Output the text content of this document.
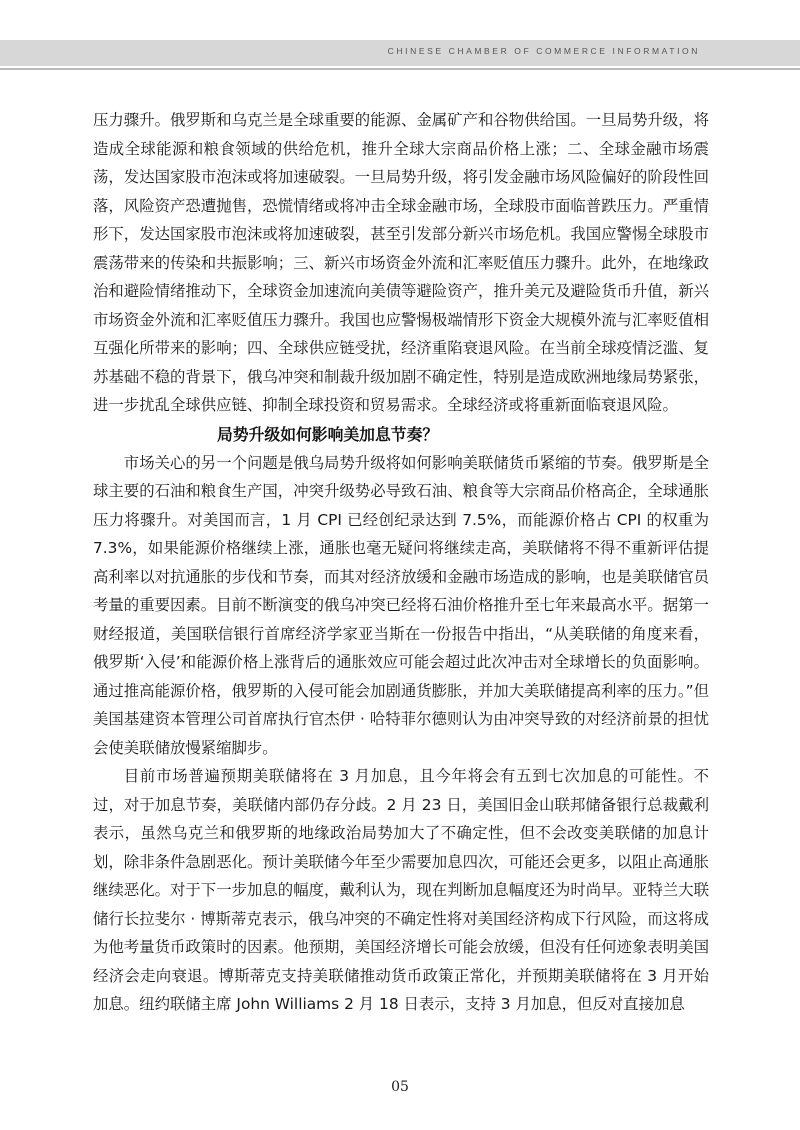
CHINESE CHAMBER OF COMMERCE INFORMATION

压力骤升。俄罗斯和乌克兰是全球重要的能源、金属矿产和谷物供给国。一旦局势升级，将造成全球能源和粮食领域的供给危机，推升全球大宗商品价格上涨；二、全球金融市场震荡，发达国家股市泡沫或将加速破裂。一旦局势升级，将引发金融市场风险偏好的阶段性回落，风险资产恐遭抛售，恐慌情绪或将冲击全球金融市场，全球股市面临普跌压力。严重情形下，发达国家股市泡沫或将加速破裂，甚至引发部分新兴市场危机。我国应警惕全球股市震荡带来的传染和共振影响；三、新兴市场资金外流和汇率贬值压力骤升。此外，在地缘政治和避险情绪推动下，全球资金加速流向美债等避险资产，推升美元及避险货币升值，新兴市场资金外流和汇率贬值压力骤升。我国也应警惕极端情形下资金大规模外流与汇率贬值相互强化所带来的影响；四、全球供应链受扰，经济重陷衰退风险。在当前全球疫情泛滥、复苏基础不稳的背景下，俄乌冲突和制裁升级加剧不确定性，特别是造成欧洲地缘局势紧张，进一步扰乱全球供应链、抑制全球投资和贸易需求。全球经济或将重新面临衰退风险。

局势升级如何影响美加息节奏？

市场关心的另一个问题是俄乌局势升级将如何影响美联储货币紧缩的节奏。俄罗斯是全球主要的石油和粮食生产国，冲突升级势必导致石油、粮食等大宗商品价格高企，全球通胀压力将骤升。对美国而言，1 月 CPI 已经创纪录达到 7.5%，而能源价格占 CPI 的权重为 7.3%，如果能源价格继续上涨，通胀也毫无疑问将继续走高，美联储将不得不重新评估提高利率以对抗通胀的步伐和节奏，而其对经济放缓和金融市场造成的影响，也是美联储官员考量的重要因素。目前不断演变的俄乌冲突已经将石油价格推升至七年来最高水平。据第一财经报道，美国联信银行首席经济学家亚当斯在一份报告中指出，“从美联储的角度来看，俄罗斯‘入侵’和能源价格上涨背后的通胀效应可能会超过此次冲击对全球增长的负面影响。通过推高能源价格，俄罗斯的入侵可能会加剧通货膨胀，并加大美联储提高利率的压力。”但美国基建资本管理公司首席执行官杰伊 · 哈特菲尔德则认为由冲突导致的对经济前景的担忧会使美联储放慢紧缩脚步。

目前市场普遍预期美联储将在 3 月加息，且今年将会有五到七次加息的可能性。不过，对于加息节奏，美联储内部仍存分歧。2 月 23 日，美国旧金山联邦储备银行总裁戴利表示，虽然乌克兰和俄罗斯的地缘政治局势加大了不确定性，但不会改变美联储的加息计划，除非条件急剧恶化。预计美联储今年至少需要加息四次，可能还会更多，以阻止高通胀继续恶化。对于下一步加息的幅度，戴利认为，现在判断加息幅度还为时尚早。亚特兰大联储行长拉斐尔 · 博斯蒂克表示，俄乌冲突的不确定性将对美国经济构成下行风险，而这将成为他考量货币政策时的因素。他预期，美国经济增长可能会放缓，但没有任何迹象表明美国经济会走向衰退。博斯蒂克支持美联储推动货币政策正常化，并预期美联储将在 3 月开始加息。纽约联储主席 John Williams 2 月 18 日表示，支持 3 月加息，但反对直接加息

05
